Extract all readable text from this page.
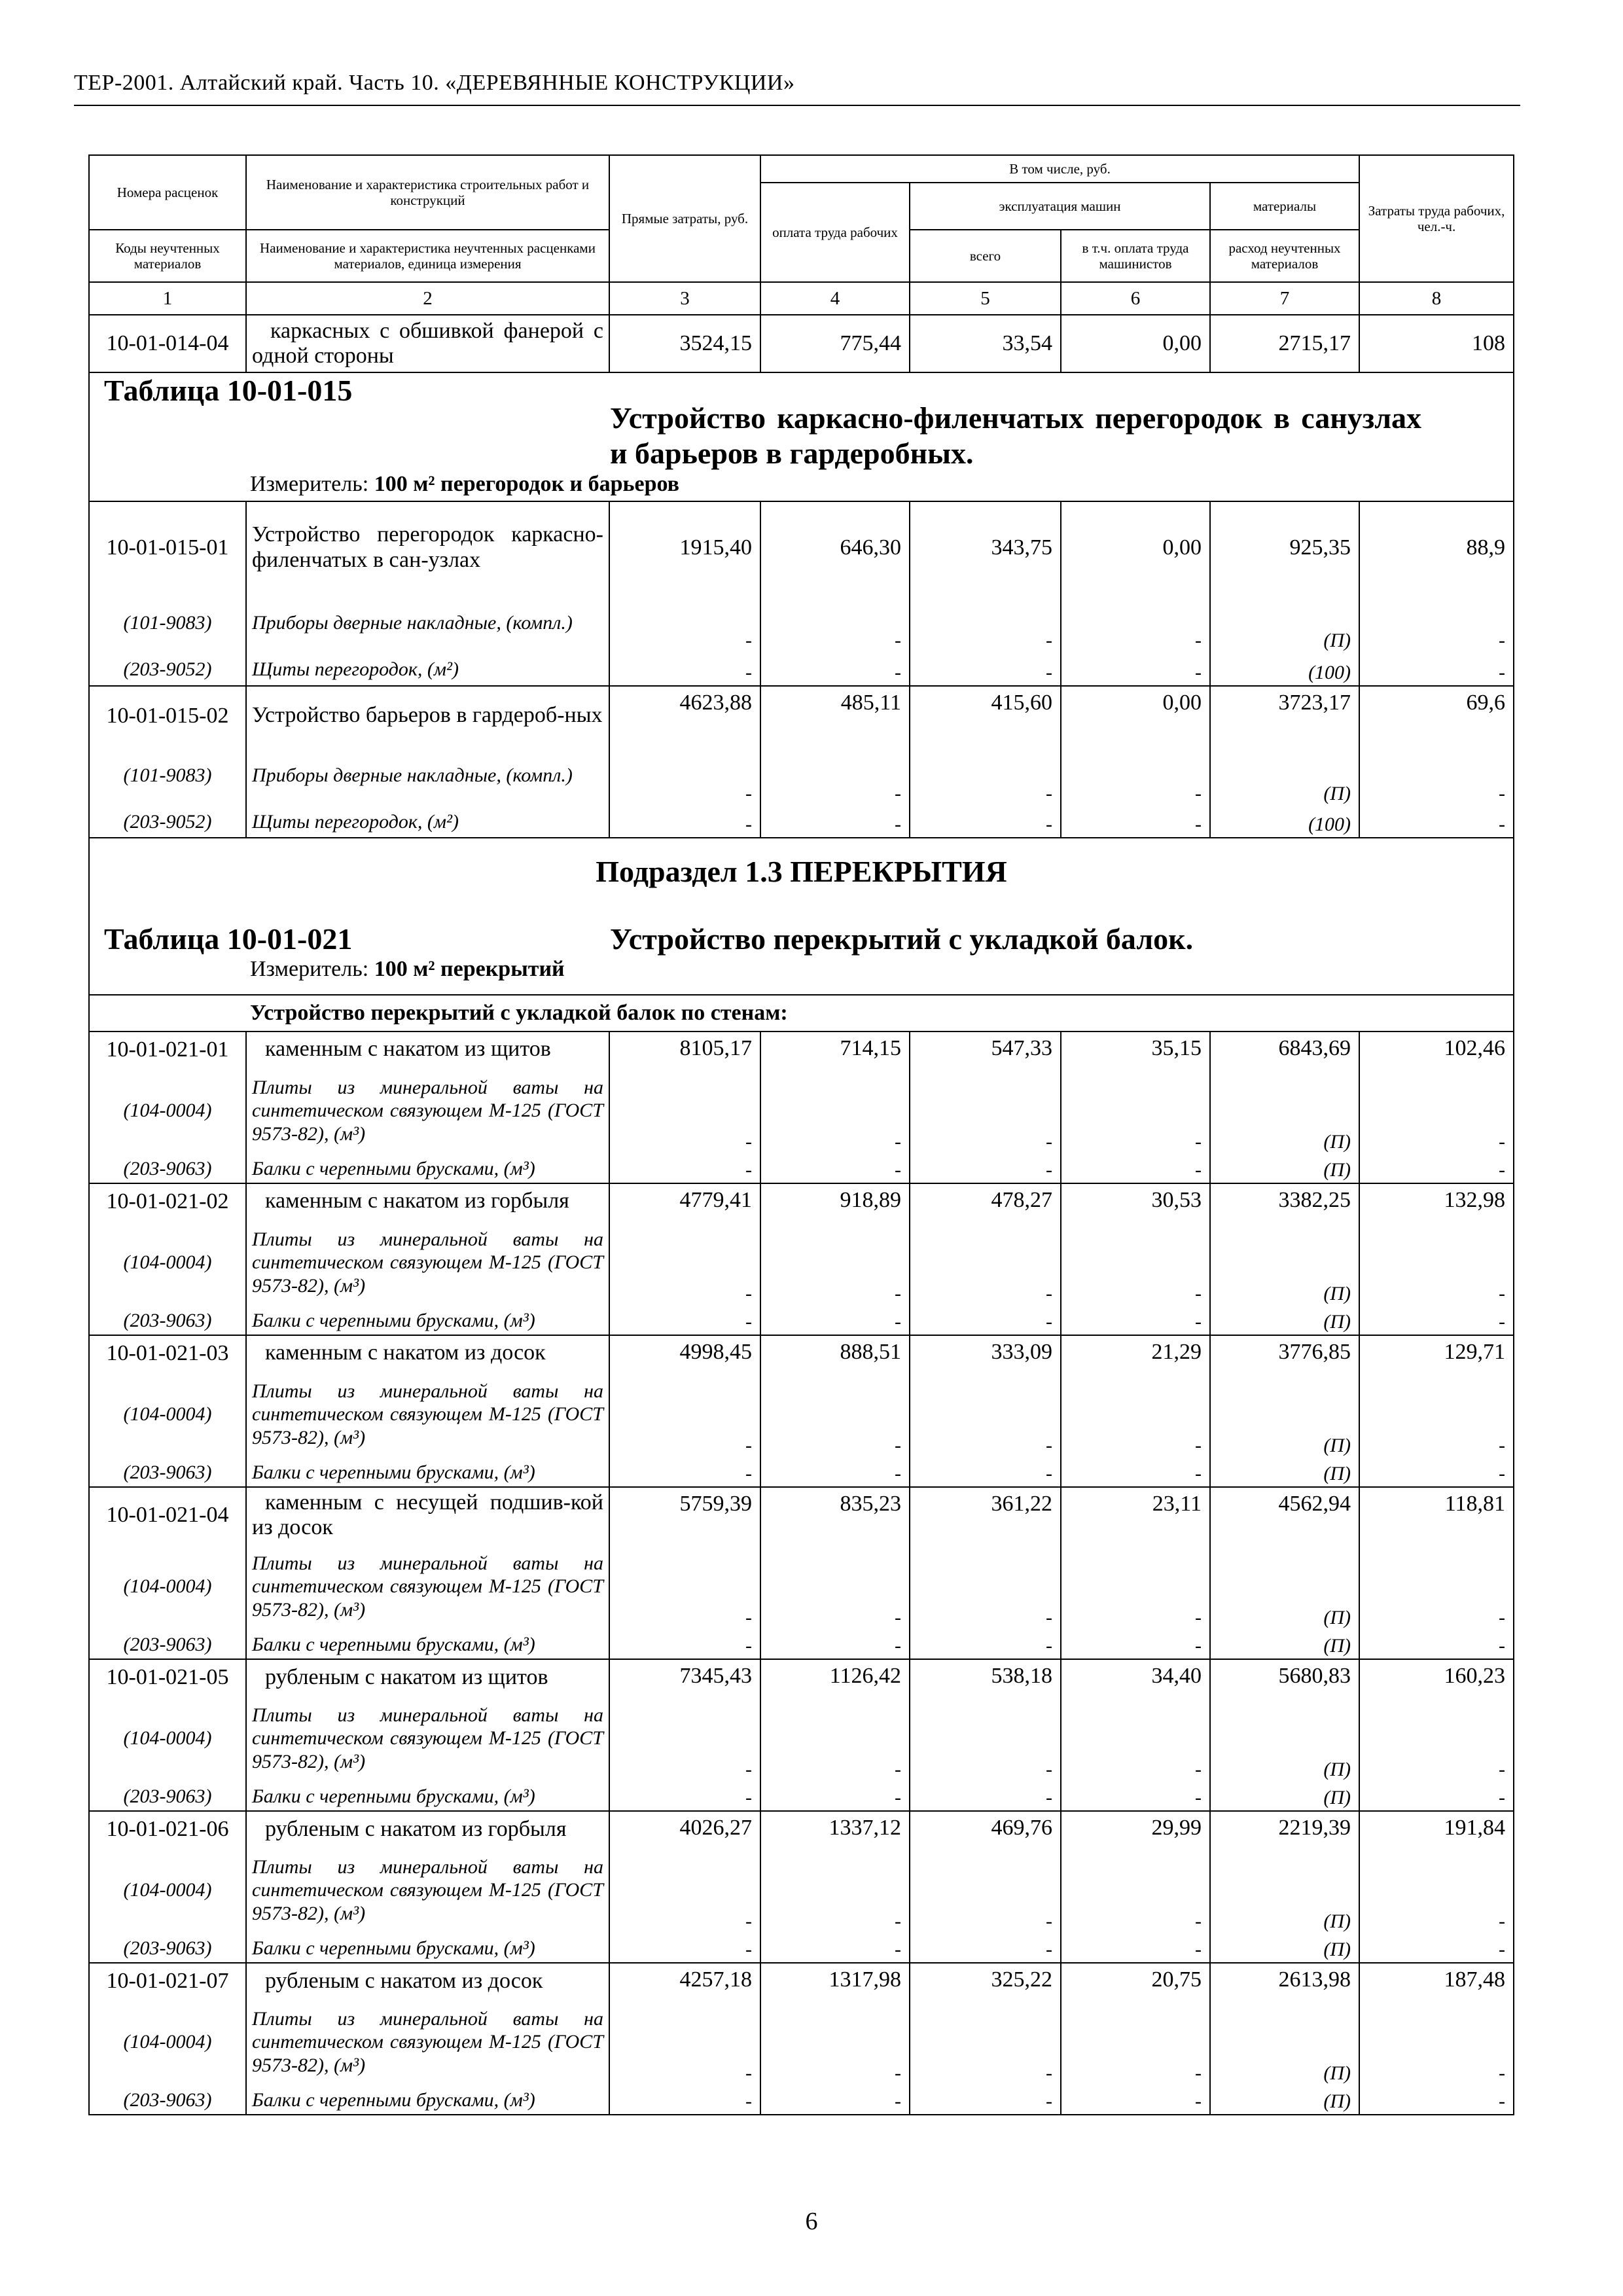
ТЕР-2001. Алтайский край. Часть 10. «ДЕРЕВЯННЫЕ КОНСТРУКЦИИ»
Номера расценок	Наименование и характеристика строительных работ и конструкций	Прямые затраты, руб.	В том числе, руб.				Затраты труда рабочих, чел.-ч.
			оплата труда рабочих	эксплуатация машин		материалы	
Коды неучтенных материалов	Наименование и характеристика неучтенных расценками материалов, единица измерения			всего	в т.ч. оплата труда машинистов	расход неучтенных материалов	

1	2	3	4	5	6	7	8
10-01-014-04	каркасных с обшивкой фанерой с одной стороны	3524,15	775,44	33,54	0,00	2715,17	108

Таблица 10-01-015
Устройство каркасно-филенчатых перегородок в санузлах и барьеров в гардеробных.
Измеритель: 100 м² перегородок и барьеров							

10-01-015-01	Устройство перегородок каркасно-филенчатых в сан-узлах	1915,40	646,30	343,75	0,00	925,35	88,9
(101-9083)	Приборы дверные накладные, (компл.)	-	-	-	-	(П)	-
(203-9052)	Щиты перегородок, (м²)	-	-	-	-	(100)	-
10-01-015-02	Устройство барьеров в гардероб-ных	4623,88	485,11	415,60	0,00	3723,17	69,6
(101-9083)	Приборы дверные накладные, (компл.)	-	-	-	-	(П)	-
(203-9052)	Щиты перегородок, (м²)	-	-	-	-	(100)	-

Подраздел 1.3 ПЕРЕКРЫТИЯ
Таблица 10-01-021 Устройство перекрытий с укладкой балок.
Измеритель: 100 м² перекрытий							

Устройство перекрытий с укладкой балок по стенам:							
10-01-021-01	каменным с накатом из щитов	8105,17	714,15	547,33	35,15	6843,69	102,46
(104-0004)	Плиты из минеральной ваты на синтетическом связующем М-125 (ГОСТ 9573-82), (м³)	-	-	-	-	(П)	-
(203-9063)	Балки с черепными брусками, (м³)	-	-	-	-	(П)	-
10-01-021-02	каменным с накатом из горбыля	4779,41	918,89	478,27	30,53	3382,25	132,98
(104-0004)	Плиты из минеральной ваты на синтетическом связующем М-125 (ГОСТ 9573-82), (м³)	-	-	-	-	(П)	-
(203-9063)	Балки с черепными брусками, (м³)	-	-	-	-	(П)	-
10-01-021-03	каменным с накатом из досок	4998,45	888,51	333,09	21,29	3776,85	129,71
(104-0004)	Плиты из минеральной ваты на синтетическом связующем М-125 (ГОСТ 9573-82), (м³)	-	-	-	-	(П)	-
(203-9063)	Балки с черепными брусками, (м³)	-	-	-	-	(П)	-
10-01-021-04	каменным с несущей подшив-кой из досок	5759,39	835,23	361,22	23,11	4562,94	118,81
(104-0004)	Плиты из минеральной ваты на синтетическом связующем М-125 (ГОСТ 9573-82), (м³)	-	-	-	-	(П)	-
(203-9063)	Балки с черепными брусками, (м³)	-	-	-	-	(П)	-
10-01-021-05	рубленым с накатом из щитов	7345,43	1126,42	538,18	34,40	5680,83	160,23
(104-0004)	Плиты из минеральной ваты на синтетическом связующем М-125 (ГОСТ 9573-82), (м³)	-	-	-	-	(П)	-
(203-9063)	Балки с черепными брусками, (м³)	-	-	-	-	(П)	-
10-01-021-06	рубленым с накатом из горбыля	4026,27	1337,12	469,76	29,99	2219,39	191,84
(104-0004)	Плиты из минеральной ваты на синтетическом связующем М-125 (ГОСТ 9573-82), (м³)	-	-	-	-	(П)	-
(203-9063)	Балки с черепными брусками, (м³)	-	-	-	-	(П)	-
10-01-021-07	рубленым с накатом из досок	4257,18	1317,98	325,22	20,75	2613,98	187,48
(104-0004)	Плиты из минеральной ваты на синтетическом связующем М-125 (ГОСТ 9573-82), (м³)	-	-	-	-	(П)	-
(203-9063)	Балки с черепными брусками, (м³)	-	-	-	-	(П)	-
6
